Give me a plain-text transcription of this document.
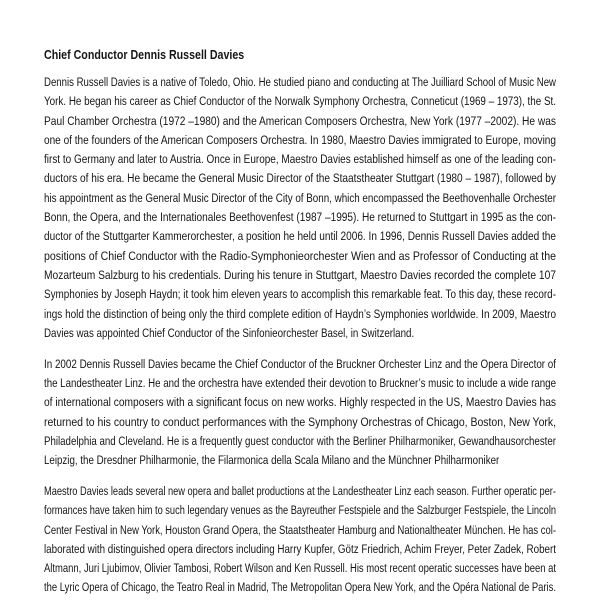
Chief Conductor Dennis Russell Davies
Dennis Russell Davies is a native of Toledo, Ohio. He studied piano and conducting at The Juilliard School of Music New
York. He began his career as Chief Conductor of the Norwalk Symphony Orchestra, Conneticut (1969 – 1973), the St.
Paul Chamber Orchestra (1972 –1980) and the American Composers Orchestra, New York (1977 –2002). He was
one of the founders of the American Composers Orchestra. In 1980, Maestro Davies immigrated to Europe, moving
first to Germany and later to Austria. Once in Europe, Maestro Davies established himself as one of the leading con-
ductors of his era. He became the General Music Director of the Staatstheater Stuttgart (1980 – 1987), followed by
his appointment as the General Music Director of the City of Bonn, which encompassed the Beethovenhalle Orchester
Bonn, the Opera, and the Internationales Beethovenfest (1987 –1995). He returned to Stuttgart in 1995 as the con-
ductor of the Stuttgarter Kammerorchester, a position he held until 2006. In 1996, Dennis Russell Davies added the
positions of Chief Conductor with the Radio-Symphonieorchester Wien and as Professor of Conducting at the
Mozarteum Salzburg to his credentials. During his tenure in Stuttgart, Maestro Davies recorded the complete 107
Symphonies by Joseph Haydn; it took him eleven years to accomplish this remarkable feat. To this day, these record-
ings hold the distinction of being only the third complete edition of Haydn’s Symphonies worldwide. In 2009, Maestro
Davies was appointed Chief Conductor of the Sinfonieorchester Basel, in Switzerland.
In 2002 Dennis Russell Davies became the Chief Conductor of the Bruckner Orchester Linz and the Opera Director of
the Landestheater Linz. He and the orchestra have extended their devotion to Bruckner’s music to include a wide range
of international composers with a significant focus on new works. Highly respected in the US, Maestro Davies has
returned to his country to conduct performances with the Symphony Orchestras of Chicago, Boston, New York,
Philadelphia and Cleveland. He is a frequently guest conductor with the Berliner Philharmoniker, Gewandhausorchester
Leipzig, the Dresdner Philharmonie, the Filarmonica della Scala Milano and the Münchner Philharmoniker
Maestro Davies leads several new opera and ballet productions at the Landestheater Linz each season. Further operatic per-
formances have taken him to such legendary venues as the Bayreuther Festspiele and the Salzburger Festspiele, the Lincoln
Center Festival in New York, Houston Grand Opera, the Staatstheater Hamburg and Nationaltheater München. He has col-
laborated with distinguished opera directors including Harry Kupfer, Götz Friedrich, Achim Freyer, Peter Zadek, Robert
Altmann, Juri Ljubimov, Olivier Tambosi, Robert Wilson and Ken Russell. His most recent operatic successes have been at
the Lyric Opera of Chicago, the Teatro Real in Madrid, The Metropolitan Opera New York, and the Opéra National de Paris.
